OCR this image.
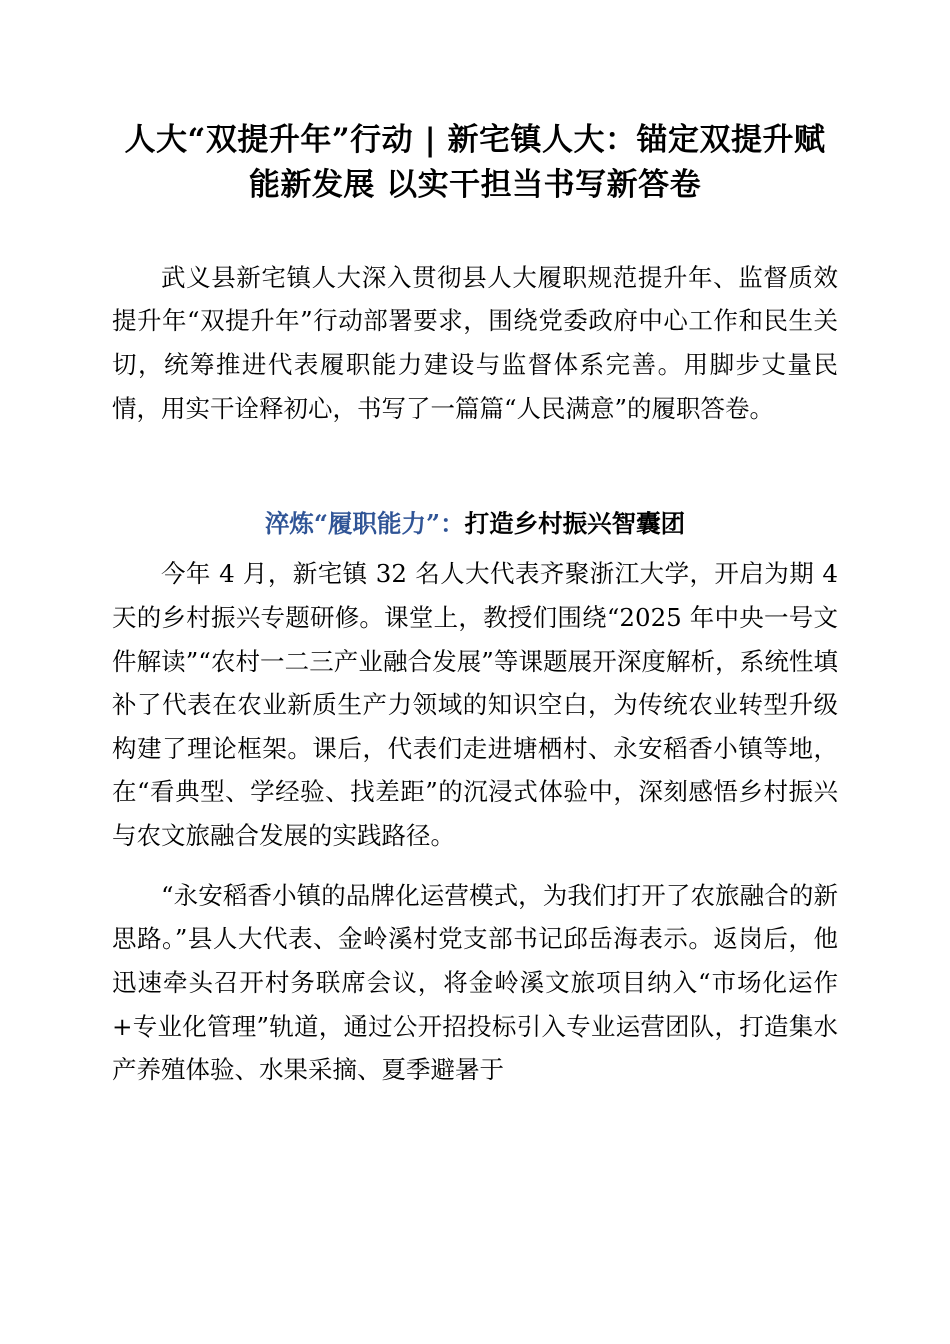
人大“双提升年”行动 | 新宅镇人大：锚定双提升赋能新发展 以实干担当书写新答卷

武义县新宅镇人大深入贯彻县人大履职规范提升年、监督质效提升年“双提升年”行动部署要求，围绕党委政府中心工作和民生关切，统筹推进代表履职能力建设与监督体系完善。用脚步丈量民情，用实干诠释初心，书写了一篇篇“人民满意”的履职答卷。

淬炼“履职能力”：打造乡村振兴智囊团

今年 4 月，新宅镇 32 名人大代表齐聚浙江大学，开启为期 4 天的乡村振兴专题研修。课堂上，教授们围绕“2025 年中央一号文件解读”“农村一二三产业融合发展”等课题展开深度解析，系统性填补了代表在农业新质生产力领域的知识空白，为传统农业转型升级构建了理论框架。课后，代表们走进塘栖村、永安稻香小镇等地，在“看典型、学经验、找差距”的沉浸式体验中，深刻感悟乡村振兴与农文旅融合发展的实践路径。

“永安稻香小镇的品牌化运营模式，为我们打开了农旅融合的新思路。”县人大代表、金岭溪村党支部书记邱岳海表示。返岗后，他迅速牵头召开村务联席会议，将金岭溪文旅项目纳入“市场化运作+专业化管理”轨道，通过公开招投标引入专业运营团队，打造集水产养殖体验、水果采摘、夏季避暑于
